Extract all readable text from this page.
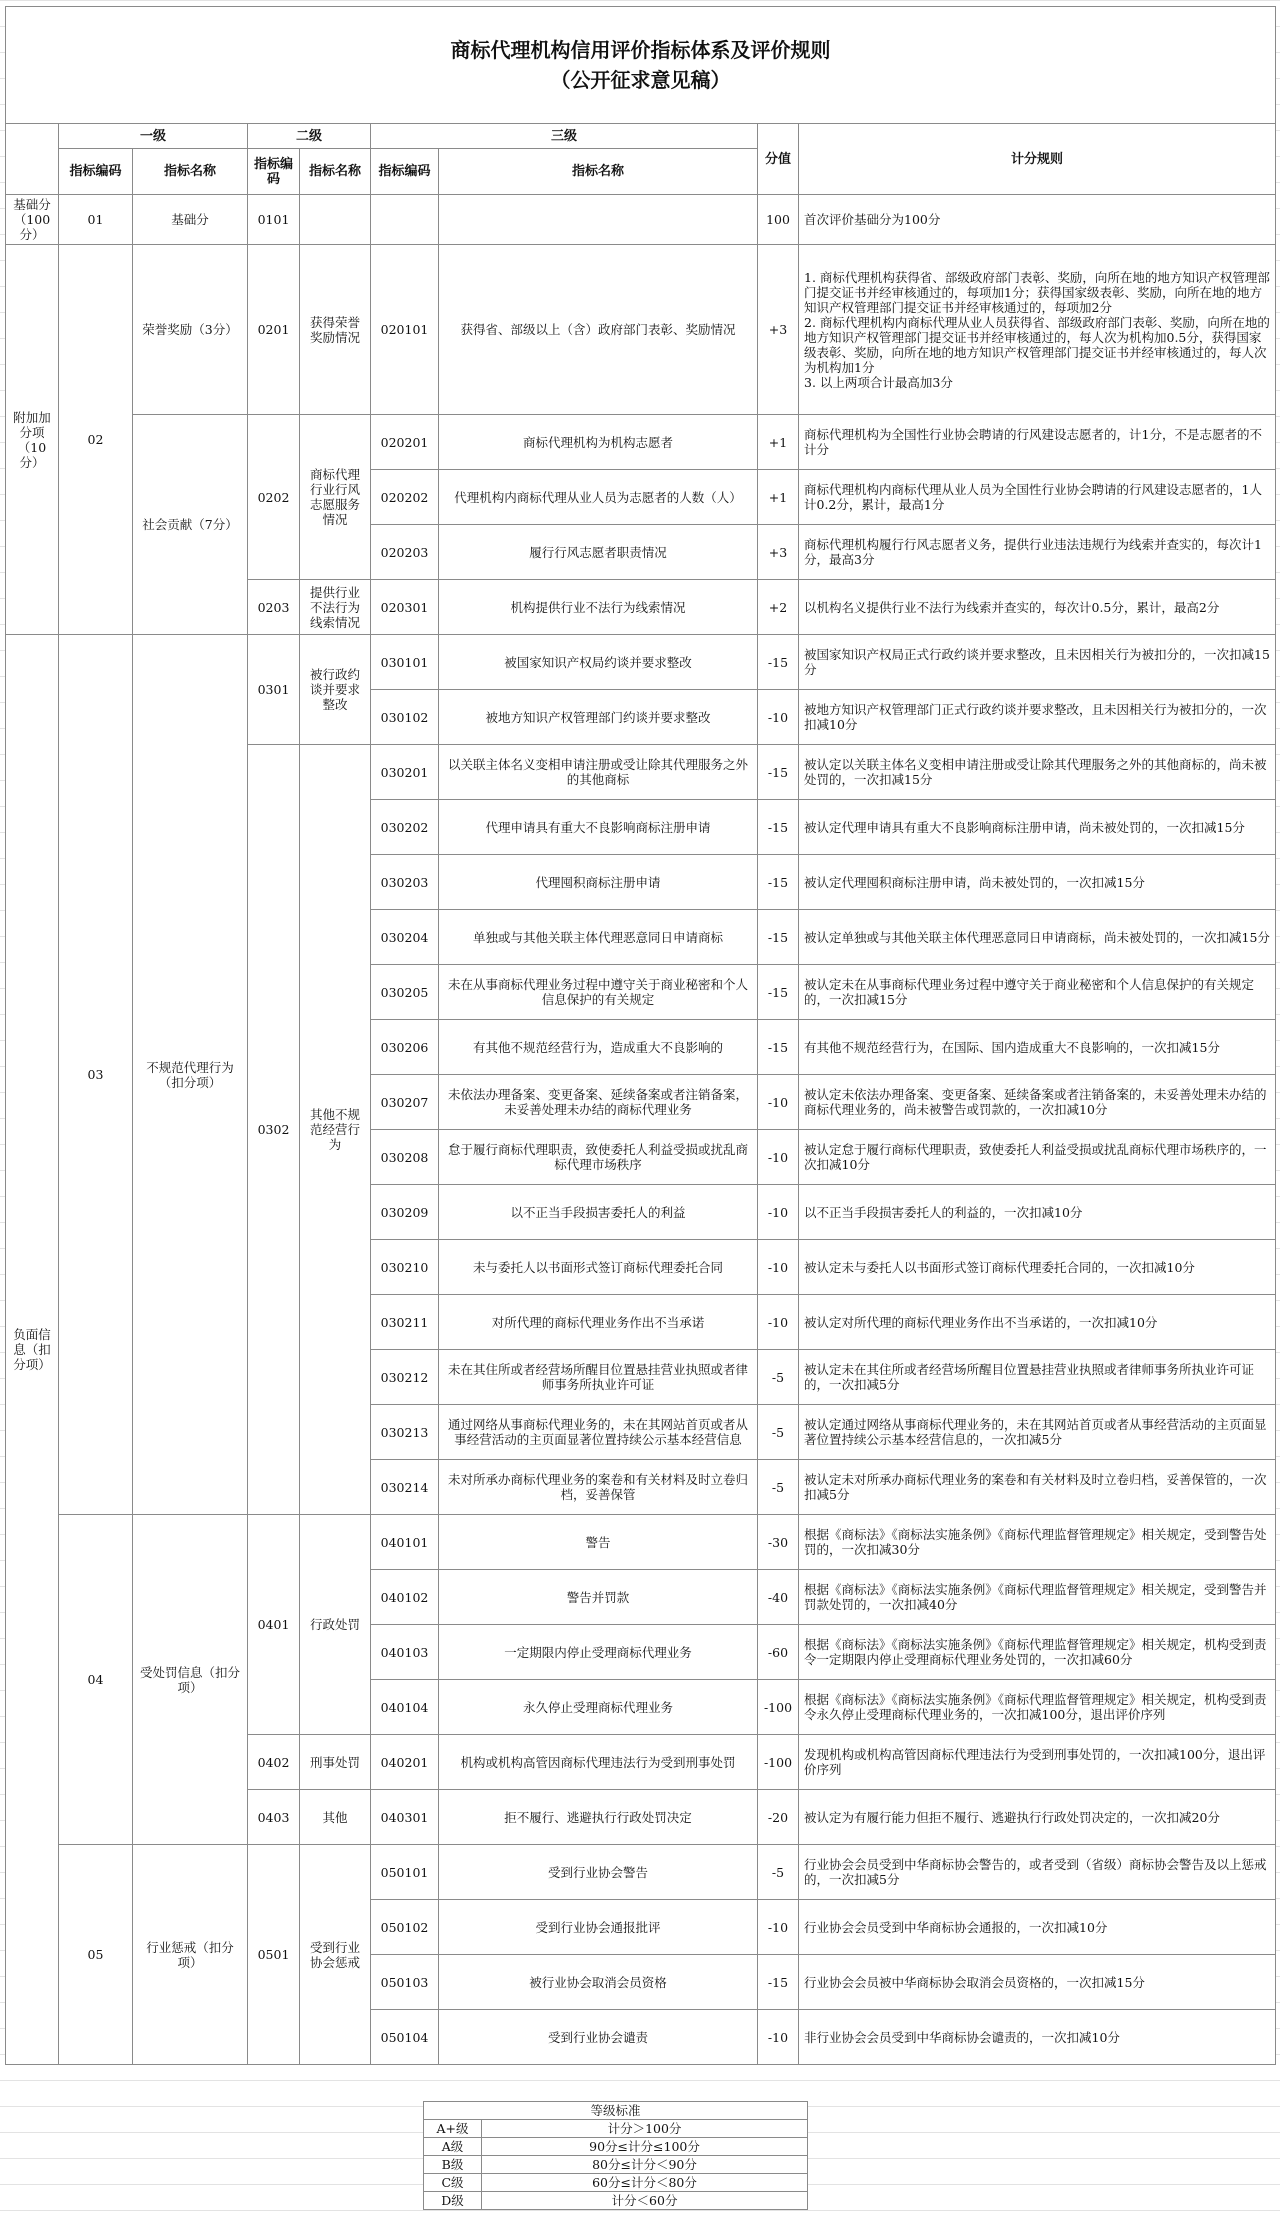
商标代理机构信用评价指标体系及评价规则
（公开征求意见稿）								

	一级		二级		三级		分值	计分规则
	指标编码	指标名称	指标编码	指标名称	指标编码	指标名称		
基础分（100分）	01	基础分	0101				100	首次评价基础分为100分
附加加分项（10分）	02	荣誉奖励（3分）	0201	获得荣誉奖励情况	020101	获得省、部级以上（含）政府部门表彰、奖励情况	+3	1. 商标代理机构获得省、部级政府部门表彰、奖励，向所在地的地方知识产权管理部门提交证书并经审核通过的，每项加1分；获得国家级表彰、奖励，向所在地的地方知识产权管理部门提交证书并经审核通过的，每项加2分
2. 商标代理机构内商标代理从业人员获得省、部级政府部门表彰、奖励，向所在地的地方知识产权管理部门提交证书并经审核通过的，每人次为机构加0.5分，获得国家级表彰、奖励，向所在地的地方知识产权管理部门提交证书并经审核通过的，每人次为机构加1分
3. 以上两项合计最高加3分
		社会贡献（7分）	0202	商标代理行业行风志愿服务情况	020201	商标代理机构为机构志愿者	+1	商标代理机构为全国性行业协会聘请的行风建设志愿者的，计1分，不是志愿者的不计分
					020202	代理机构内商标代理从业人员为志愿者的人数（人）	+1	商标代理机构内商标代理从业人员为全国性行业协会聘请的行风建设志愿者的，1人计0.2分，累计，最高1分
					020203	履行行风志愿者职责情况	+3	商标代理机构履行行风志愿者义务，提供行业违法违规行为线索并查实的，每次计1分，最高3分
			0203	提供行业不法行为线索情况	020301	机构提供行业不法行为线索情况	+2	以机构名义提供行业不法行为线索并查实的，每次计0.5分，累计，最高2分
负面信息（扣分项）	03	不规范代理行为（扣分项）	0301	被行政约谈并要求整改	030101	被国家知识产权局约谈并要求整改	-15	被国家知识产权局正式行政约谈并要求整改，且未因相关行为被扣分的，一次扣减15分
					030102	被地方知识产权管理部门约谈并要求整改	-10	被地方知识产权管理部门正式行政约谈并要求整改，且未因相关行为被扣分的，一次扣减10分
			0302	其他不规范经营行为	030201	以关联主体名义变相申请注册或受让除其代理服务之外的其他商标	-15	被认定以关联主体名义变相申请注册或受让除其代理服务之外的其他商标的，尚未被处罚的，一次扣减15分
					030202	代理申请具有重大不良影响商标注册申请	-15	被认定代理申请具有重大不良影响商标注册申请，尚未被处罚的，一次扣减15分
					030203	代理囤积商标注册申请	-15	被认定代理囤积商标注册申请，尚未被处罚的，一次扣减15分
					030204	单独或与其他关联主体代理恶意同日申请商标	-15	被认定单独或与其他关联主体代理恶意同日申请商标，尚未被处罚的，一次扣减15分
					030205	未在从事商标代理业务过程中遵守关于商业秘密和个人信息保护的有关规定	-15	被认定未在从事商标代理业务过程中遵守关于商业秘密和个人信息保护的有关规定的，一次扣减15分
					030206	有其他不规范经营行为，造成重大不良影响的	-15	有其他不规范经营行为，在国际、国内造成重大不良影响的，一次扣减15分
					030207	未依法办理备案、变更备案、延续备案或者注销备案，未妥善处理未办结的商标代理业务	-10	被认定未依法办理备案、变更备案、延续备案或者注销备案的，未妥善处理未办结的商标代理业务的，尚未被警告或罚款的，一次扣减10分
					030208	怠于履行商标代理职责，致使委托人利益受损或扰乱商标代理市场秩序	-10	被认定怠于履行商标代理职责，致使委托人利益受损或扰乱商标代理市场秩序的，一次扣减10分
					030209	以不正当手段损害委托人的利益	-10	以不正当手段损害委托人的利益的，一次扣减10分
					030210	未与委托人以书面形式签订商标代理委托合同	-10	被认定未与委托人以书面形式签订商标代理委托合同的，一次扣减10分
					030211	对所代理的商标代理业务作出不当承诺	-10	被认定对所代理的商标代理业务作出不当承诺的，一次扣减10分
					030212	未在其住所或者经营场所醒目位置悬挂营业执照或者律师事务所执业许可证	-5	被认定未在其住所或者经营场所醒目位置悬挂营业执照或者律师事务所执业许可证的，一次扣减5分
					030213	通过网络从事商标代理业务的，未在其网站首页或者从事经营活动的主页面显著位置持续公示基本经营信息	-5	被认定通过网络从事商标代理业务的，未在其网站首页或者从事经营活动的主页面显著位置持续公示基本经营信息的，一次扣减5分
					030214	未对所承办商标代理业务的案卷和有关材料及时立卷归档，妥善保管	-5	被认定未对所承办商标代理业务的案卷和有关材料及时立卷归档，妥善保管的，一次扣减5分
	04	受处罚信息（扣分项）	0401	行政处罚	040101	警告	-30	根据《商标法》《商标法实施条例》《商标代理监督管理规定》相关规定，受到警告处罚的，一次扣减30分
					040102	警告并罚款	-40	根据《商标法》《商标法实施条例》《商标代理监督管理规定》相关规定，受到警告并罚款处罚的，一次扣减40分
					040103	一定期限内停止受理商标代理业务	-60	根据《商标法》《商标法实施条例》《商标代理监督管理规定》相关规定，机构受到责令一定期限内停止受理商标代理业务处罚的，一次扣减60分
					040104	永久停止受理商标代理业务	-100	根据《商标法》《商标法实施条例》《商标代理监督管理规定》相关规定，机构受到责令永久停止受理商标代理业务的，一次扣减100分，退出评价序列
			0402	刑事处罚	040201	机构或机构高管因商标代理违法行为受到刑事处罚	-100	发现机构或机构高管因商标代理违法行为受到刑事处罚的，一次扣减100分，退出评价序列
			0403	其他	040301	拒不履行、逃避执行行政处罚决定	-20	被认定为有履行能力但拒不履行、逃避执行行政处罚决定的，一次扣减20分
	05	行业惩戒（扣分项）	0501	受到行业协会惩戒	050101	受到行业协会警告	-5	行业协会会员受到中华商标协会警告的，或者受到（省级）商标协会警告及以上惩戒的，一次扣减5分
					050102	受到行业协会通报批评	-10	行业协会会员受到中华商标协会通报的，一次扣减10分
					050103	被行业协会取消会员资格	-15	行业协会会员被中华商标协会取消会员资格的，一次扣减15分
					050104	受到行业协会谴责	-10	非行业协会会员受到中华商标协会谴责的，一次扣减10分
等级标准	
A+级	计分＞100分
A级	90分≤计分≤100分
B级	80分≤计分＜90分
C级	60分≤计分＜80分
D级	计分＜60分
